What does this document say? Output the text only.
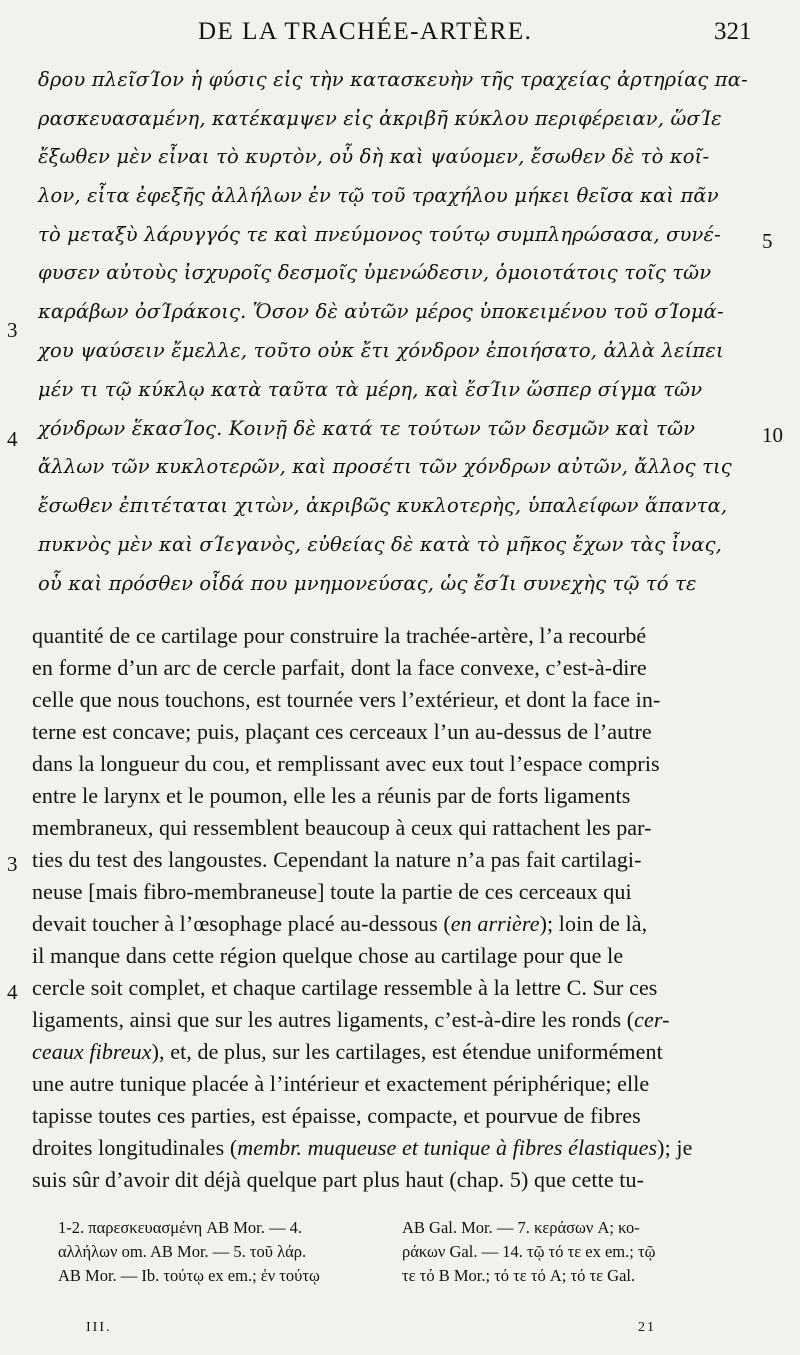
DE LA TRACHÉE-ARTÈRE.	321
δρου πλεῖσΊον ἡ φύσις εἰς τὴν κατασκευὴν τῆς τραχείας ἀρτηρίας πα-
ρασκευασαμένη, κατέκαμψεν εἰς ἀκριβῆ κύκλου περιφέρειαν, ὥσΊε
ἔξωθεν μὲν εἶναι τὸ κυρτὸν, οὗ δὴ καὶ ψαύομεν, ἔσωθεν δὲ τὸ κοῖ-
λον, εἶτα ἐφεξῆς ἀλλήλων ἐν τῷ τοῦ τραχήλου μήκει θεῖσα καὶ πᾶν
τὸ μεταξὺ λάρυγγός τε καὶ πνεύμονος τούτῳ συμπληρώσασα, συνέ-
φυσεν αὐτοὺς ἰσχυροῖς δεσμοῖς ὑμενώδεσιν, ὁμοιοτάτοις τοῖς τῶν
καράβων ὀσΊράκοις. Ὅσον δὲ αὐτῶν μέρος ὑποκειμένου τοῦ σΊομά-
χου ψαύσειν ἔμελλε, τοῦτο οὐκ ἔτι χόνδρον ἐποιήσατο, ἀλλὰ λείπει
μέν τι τῷ κύκλῳ κατὰ ταῦτα τὰ μέρη, καὶ ἔσΊιν ὥσπερ σίγμα τῶν
χόνδρων ἕκασΊος. Κοινῇ δὲ κατά τε τούτων τῶν δεσμῶν καὶ τῶν
ἄλλων τῶν κυκλοτερῶν, καὶ προσέτι τῶν χόνδρων αὐτῶν, ἄλλος τις
ἔσωθεν ἐπιτέταται χιτὼν, ἀκριβῶς κυκλοτερὴς, ὑπαλείφων ἅπαντα,
πυκνὸς μὲν καὶ σΊεγανὸς, εὐθείας δὲ κατὰ τὸ μῆκος ἔχων τὰς ἶνας,
οὗ καὶ πρόσθεν οἶδά που μνημονεύσας, ὡς ἔσΊι συνεχὴς τῷ τό τε
3
4
5
10
quantité de ce cartilage pour construire la trachée-artère, l’a recourbé
en forme d’un arc de cercle parfait, dont la face convexe, c’est-à-dire
celle que nous touchons, est tournée vers l’extérieur, et dont la face in-
terne est concave; puis, plaçant ces cerceaux l’un au-dessus de l’autre
dans la longueur du cou, et remplissant avec eux tout l’espace compris
entre le larynx et le poumon, elle les a réunis par de forts ligaments
membraneux, qui ressemblent beaucoup à ceux qui rattachent les par-
ties du test des langoustes. Cependant la nature n’a pas fait cartilagi-
neuse [mais fibro-membraneuse] toute la partie de ces cerceaux qui
devait toucher à l’œsophage placé au-dessous (en arrière); loin de là,
il manque dans cette région quelque chose au cartilage pour que le
cercle soit complet, et chaque cartilage ressemble à la lettre C. Sur ces
ligaments, ainsi que sur les autres ligaments, c’est-à-dire les ronds (cer-
ceaux fibreux), et, de plus, sur les cartilages, est étendue uniformément
une autre tunique placée à l’intérieur et exactement périphérique; elle
tapisse toutes ces parties, est épaisse, compacte, et pourvue de fibres
droites longitudinales (membr. muqueuse et tunique à fibres élastiques); je
suis sûr d’avoir dit déjà quelque part plus haut (chap. 5) que cette tu-
3
4
1-2. παρεσκευασμένη AB Mor. — 4.	AB Gal. Mor. — 7. κεράσων A; κο-
αλλήλων om. AB Mor. — 5. τοῦ λάρ.	ράκων Gal. — 14. τῷ τό τε ex em.; τῷ
AB Mor. — Ib. τούτῳ ex em.; ἐν τούτῳ	τε τό B Mor.; τό τε τό A; τό τε Gal.
III.	21
